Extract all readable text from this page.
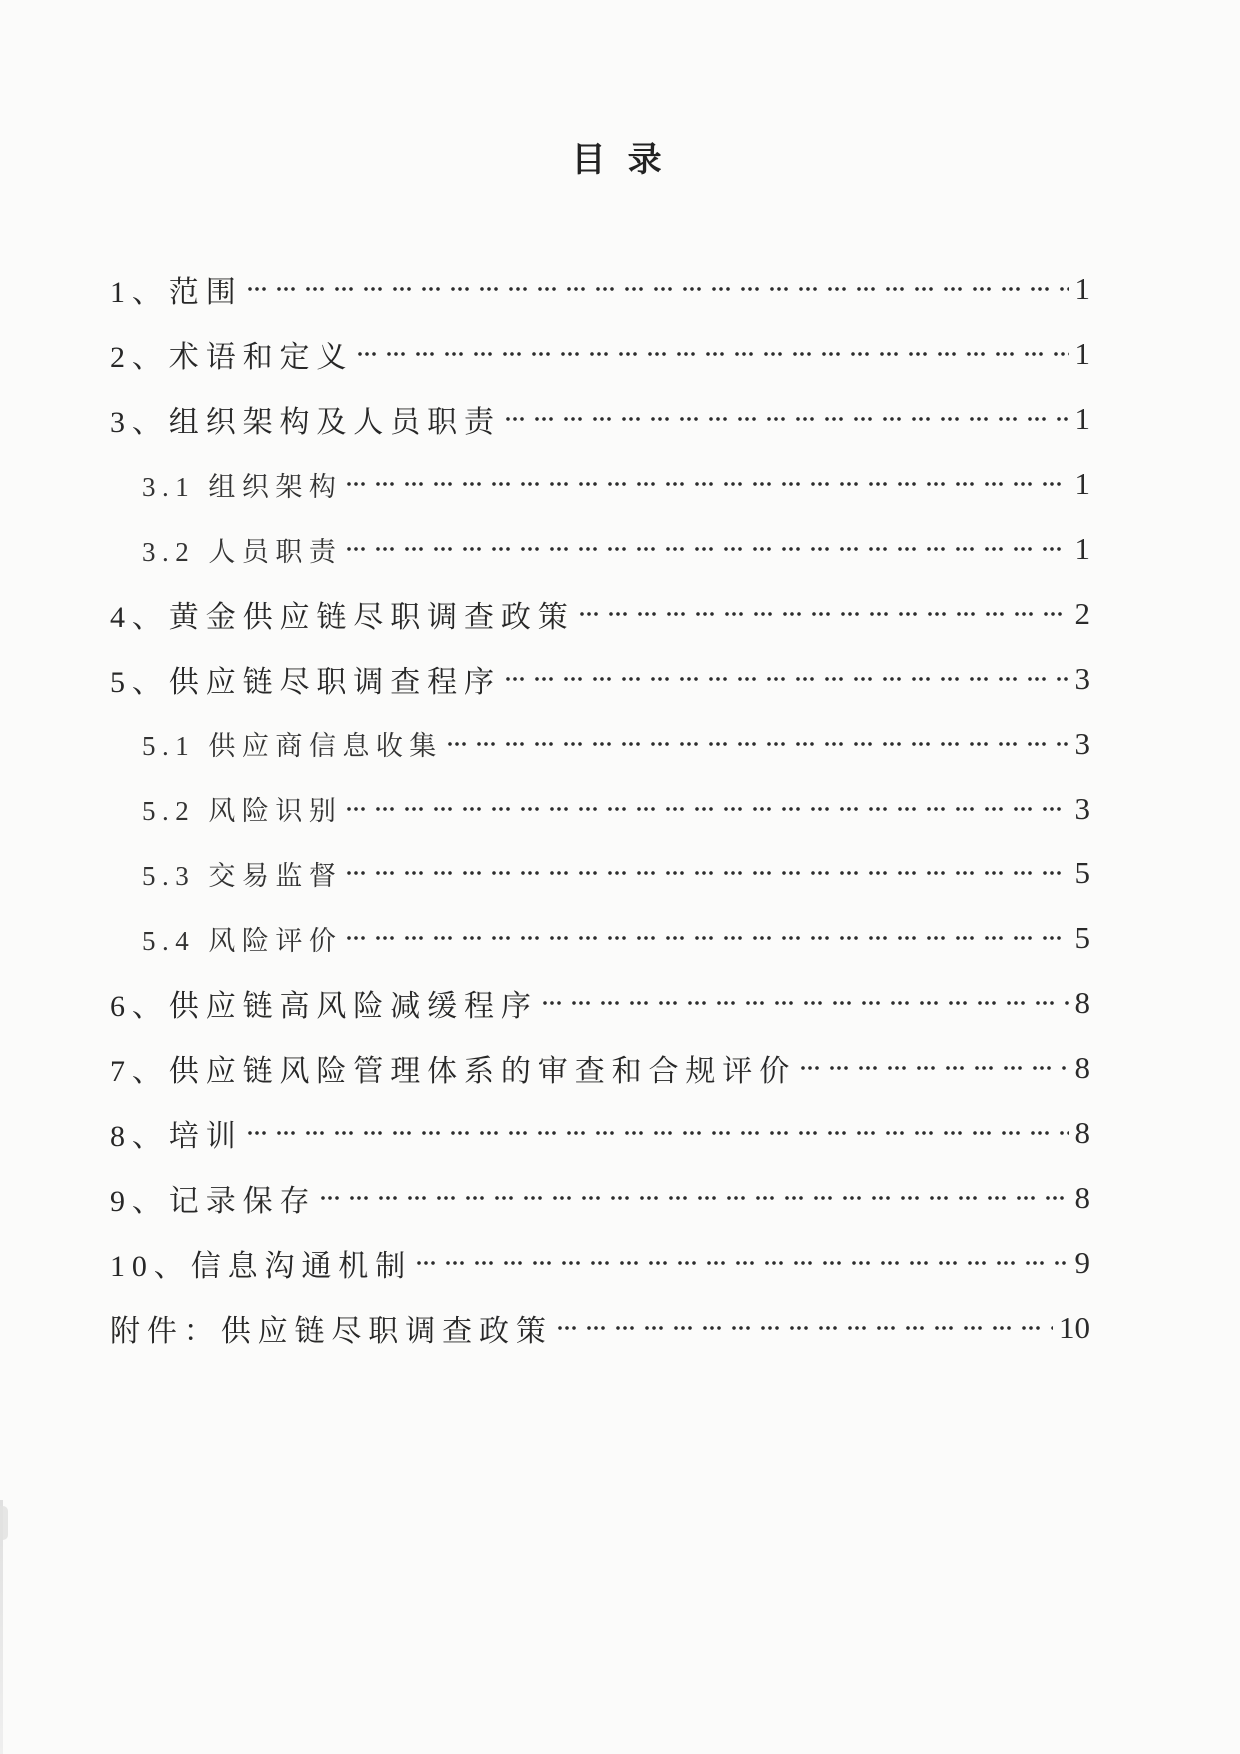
目 录
1、范围	1
2、术语和定义	1
3、组织架构及人员职责	1
3.1 组织架构	1
3.2 人员职责	1
4、黄金供应链尽职调查政策	2
5、供应链尽职调查程序	3
5.1 供应商信息收集	3
5.2 风险识别	3
5.3 交易监督	5
5.4 风险评价	5
6、供应链高风险减缓程序	8
7、供应链风险管理体系的审查和合规评价	8
8、培训	8
9、记录保存	8
10、信息沟通机制	9
附件：供应链尽职调查政策	10
